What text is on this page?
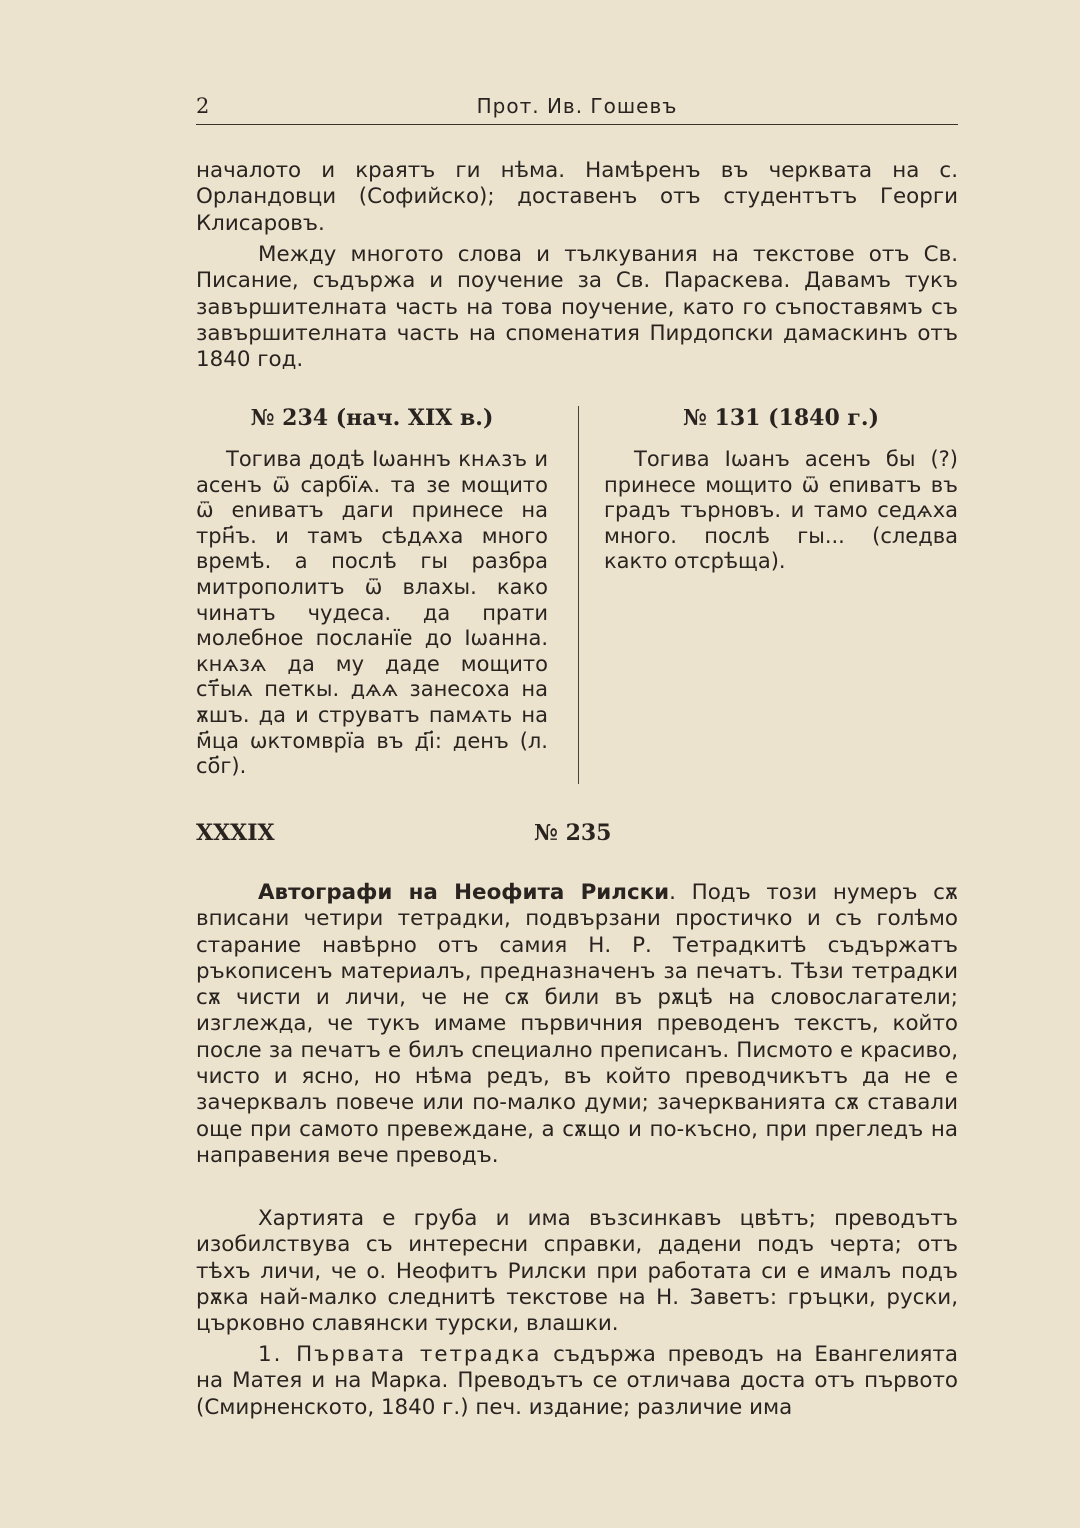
2	Прот. Ив. Гошевъ
началото и краятъ ги нѣма. Намѣренъ въ черквата на с. Орландовци (Софийско); доставенъ отъ студентътъ Георги Клисаровъ.
Между многото слова и тълкувания на текстове отъ Св. Писание, съдържа и поучение за Св. Параскева. Давамъ тукъ завършителната часть на това поучение, като го съпоставямъ съ завършителната часть на споменатия Пирдопски дамаскинъ отъ 1840 год.
№ 234 (нач. XIX в.)
Тогива додѣ Іѡаннъ кнѧзъ и асенъ ѿ сарбїѧ. та зе мощито ѿ еnиватъ даги принесе на трн҃ъ. и тамъ сѣдѧха много времѣ. а послѣ гы разбра митрополитъ ѿ влахы. како чинатъ чудеса. да прати молебное посланїе до Іѡанна. кнѧзѧ да му даде мощито ст҃ыѧ петкы. дѧѧ занесоха на ѫшъ. да и струватъ памѧть на м҃ца ѡктомврїа въ дı҃: денъ (л. со҃г).
№ 131 (1840 г.)
Тогива Іѡанъ асенъ бы (?) принесе мощито ѿ епиватъ въ градъ търновъ. и тамо седѧха много. послѣ гы... (следва както отсрѣща).
XXXIX	№ 235
Автографи на Неофита Рилски. Подъ този нумеръ сѫ вписани четири тетрадки, подвързани простичко и съ голѣмо старание навѣрно отъ самия Н. Р. Тетрадкитѣ съдържатъ ръкописенъ материалъ, предназначенъ за печатъ. Тѣзи тетрадки сѫ чисти и личи, че не сѫ били въ рѫцѣ на словослагатели; изглежда, че тукъ имаме първичния преводенъ текстъ, който после за печатъ е билъ специално преписанъ. Писмото е красиво, чисто и ясно, но нѣма редъ, въ който преводчикътъ да не е зачерквалъ повече или по-малко думи; зачеркванията сѫ ставали още при самото превеждане, а сѫщо и по-късно, при прегледъ на направения вече преводъ.
Хартията е груба и има възсинкавъ цвѣтъ; преводътъ изобилствува съ интересни справки, дадени подъ черта; отъ тѣхъ личи, че о. Неофитъ Рилски при работата си е ималъ подъ рѫка най-малко следнитѣ текстове на Н. Заветъ: гръцки, руски, църковно славянски турски, влашки.
1. Първата тетрадка съдържа преводъ на Евангелията на Матея и на Марка. Преводътъ се отличава доста отъ първото (Смирненското, 1840 г.) печ. издание; различие има
